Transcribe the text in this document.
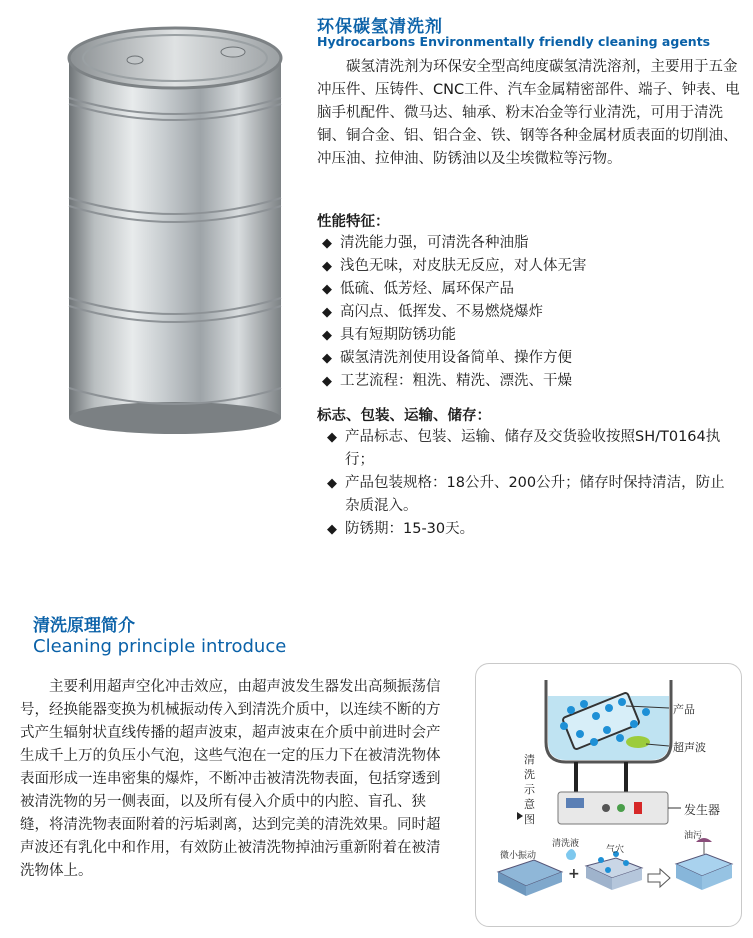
环保碳氢清洗剂
Hydrocarbons Environmentally friendly cleaning agents
碳氢清洗剂为环保安全型高纯度碳氢清洗溶剂，主要用于五金冲压件、压铸件、CNC工件、汽车金属精密部件、端子、钟表、电脑手机配件、微马达、轴承、粉末冶金等行业清洗，可用于清洗铜、铜合金、铝、铝合金、铁、钢等各种金属材质表面的切削油、冲压油、拉伸油、防锈油以及尘埃微粒等污物。
性能特征：
◆ 清洗能力强，可清洗各种油脂
◆ 浅色无味，对皮肤无反应，对人体无害
◆ 低硫、低芳烃、属环保产品
◆ 高闪点、低挥发、不易燃烧爆炸
◆ 具有短期防锈功能
◆ 碳氢清洗剂使用设备简单、操作方便
◆ 工艺流程：粗洗、精洗、漂洗、干燥
标志、包装、运输、储存：
◆ 产品标志、包装、运输、储存及交货验收按照SH/T0164执行；
◆ 产品包装规格：18公升、200公升；储存时保持清洁，防止杂质混入。
◆ 防锈期：15-30天。
清洗原理简介
Cleaning principle introduce
主要利用超声空化冲击效应，由超声波发生器发出高频振荡信号，经换能器变换为机械振动传入到清洗介质中，以连续不断的方式产生辐射状直线传播的超声波束，超声波束在介质中前进时会产生成千上万的负压小气泡，这些气泡在一定的压力下在被清洗物体表面形成一连串密集的爆炸，不断冲击被清洗物表面，包括穿透到被清洗物的另一侧表面，以及所有侵入介质中的内腔、盲孔、狭缝，将清洗物表面附着的污垢剥离，达到完美的清洗效果。同时超声波还有乳化中和作用，有效防止被清洗物掉油污重新附着在被清洗物体上。	+
清洗示意图
产品
超声波
发生器
微小振动
清洗液
气穴
油污
